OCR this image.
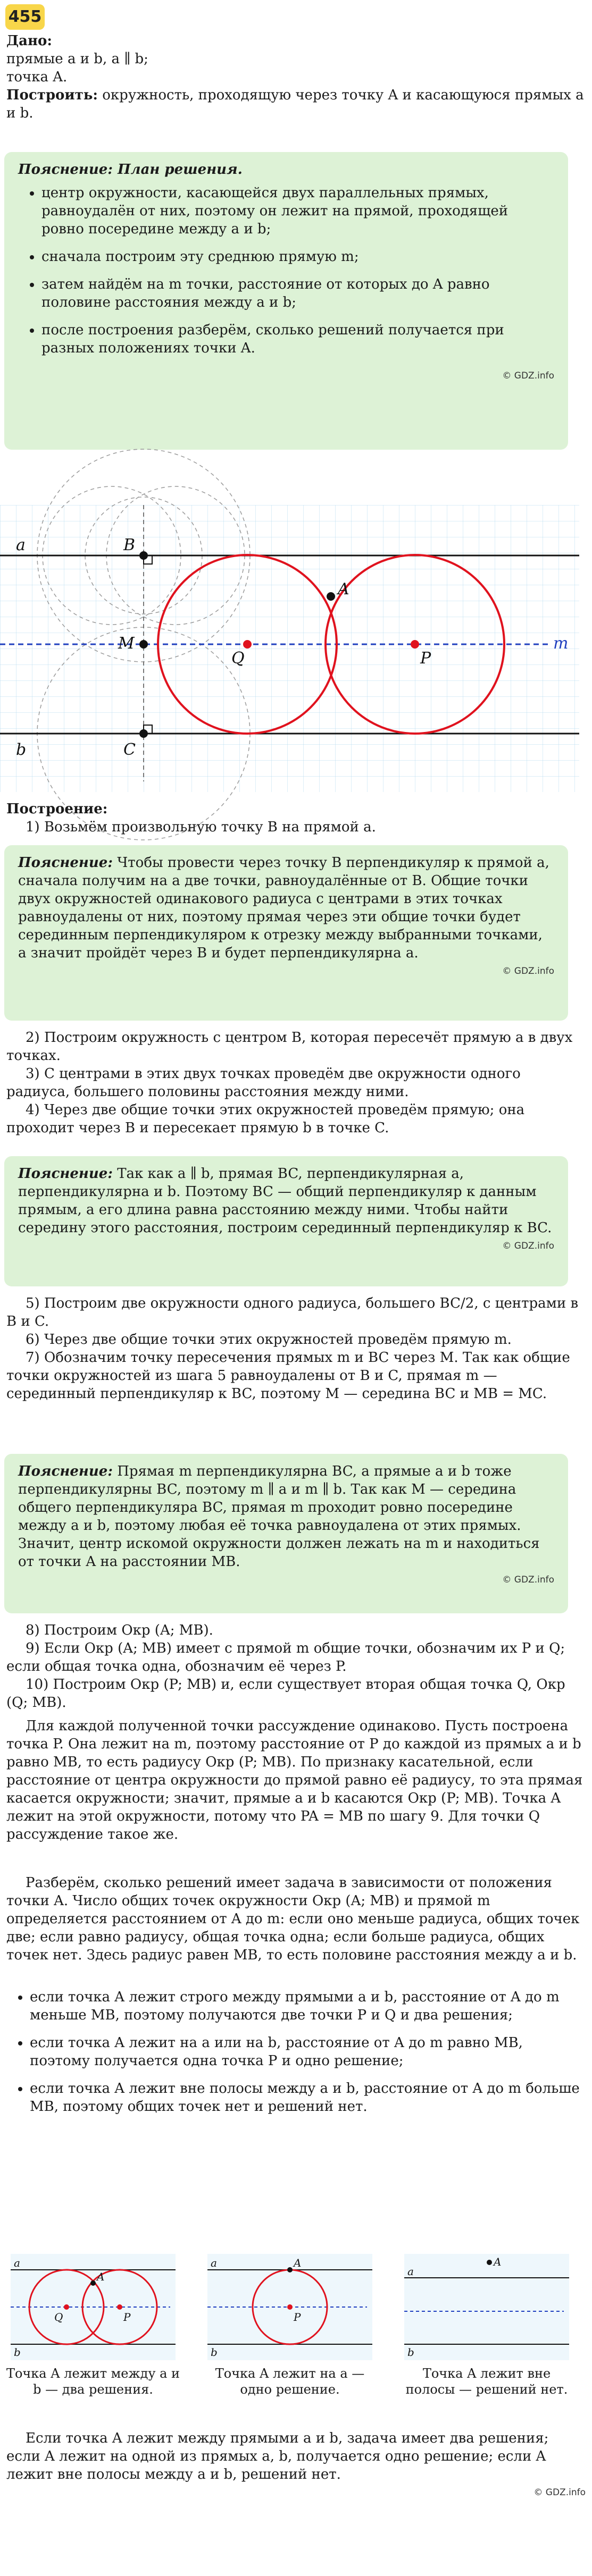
455
Дано:
прямые a и b, a ∥ b;
точка A.
Построить: окружность, проходящую через точку A и касающуюся прямых a и b.
Пояснение: План решения.
• центр окружности, касающейся двух параллельных прямых, равноудалён от них, поэтому он лежит на прямой, проходящей ровно посередине между a и b;
• сначала построим эту среднюю прямую m;
• затем найдём на m точки, расстояние от которых до A равно половине расстояния между a и b;
• после построения разберём, сколько решений получается при разных положениях точки A.
© GDZ.info
a
b
m
B
M
C
Q
A
P
Построение:
1) Возьмём произвольную точку B на прямой a.

Пояснение: Чтобы провести через точку B перпендикуляр к прямой a, сначала получим на a две точки, равноудалённые от B. Общие точки двух окружностей одинакового радиуса с центрами в этих точках равноудалены от них, поэтому прямая через эти общие точки будет серединным перпендикуляром к отрезку между выбранными точками, а значит пройдёт через B и будет перпендикулярна a.

© GDZ.info

2) Построим окружность с центром B, которая пересечёт прямую a в двух точках.

3) С центрами в этих двух точках проведём две окружности одного радиуса, большего половины расстояния между ними.

4) Через две общие точки этих окружностей проведём прямую; она проходит через B и пересекает прямую b в точке C.

Пояснение: Так как a ∥ b, прямая BC, перпендикулярная a, перпендикулярна и b. Поэтому BC — общий перпендикуляр к данным прямым, а его длина равна расстоянию между ними. Чтобы найти середину этого расстояния, построим серединный перпендикуляр к BC.

© GDZ.info

5) Построим две окружности одного радиуса, большего BC/2, с центрами в B и C.

6) Через две общие точки этих окружностей проведём прямую m.

7) Обозначим точку пересечения прямых m и BC через M. Так как общие точки окружностей из шага 5 равноудалены от B и C, прямая m — серединный перпендикуляр к BC, поэтому M — середина BC и MB = MC.

Пояснение: Прямая m перпендикулярна BC, а прямые a и b тоже перпендикулярны BC, поэтому m ∥ a и m ∥ b. Так как M — середина общего перпендикуляра BC, прямая m проходит ровно посередине между a и b, поэтому любая её точка равноудалена от этих прямых. Значит, центр искомой окружности должен лежать на m и находиться от точки A на расстоянии MB.

© GDZ.info

8) Построим Окр (A; MB).

9) Если Окр (A; MB) имеет с прямой m общие точки, обозначим их P и Q; если общая точка одна, обозначим её через P.

10) Построим Окр (P; MB) и, если существует вторая общая точка Q, Окр (Q; MB).

Для каждой полученной точки рассуждение одинаково. Пусть построена точка P. Она лежит на m, поэтому расстояние от P до каждой из прямых a и b равно MB, то есть радиусу Окр (P; MB). По признаку касательной, если расстояние от центра окружности до прямой равно её радиусу, то эта прямая касается окружности; значит, прямые a и b касаются Окр (P; MB). Точка A лежит на этой окружности, потому что PA = MB по шагу 9. Для точки Q рассуждение такое же.

Разберём, сколько решений имеет задача в зависимости от положения точки A. Число общих точек окружности Окр (A; MB) и прямой m определяется расстоянием от A до m: если оно меньше радиуса, общих точек две; если равно радиусу, общая точка одна; если больше радиуса, общих точек нет. Здесь радиус равен MB, то есть половине расстояния между a и b.

• если точка A лежит строго между прямыми a и b, расстояние от A до m меньше MB, поэтому получаются две точки P и Q и два решения;
• если точка A лежит на a или на b, расстояние от A до m равно MB, поэтому получается одна точка P и одно решение;
• если точка A лежит вне полосы между a и b, расстояние от A до m больше MB, поэтому общих точек нет и решений нет.
a
b
A
Q	P
a
b
A
P
a
b
A
Точка A лежит между a и b — два решения.
Точка A лежит на a — одно решение.
Точка A лежит вне полосы — решений нет.

Если точка A лежит между прямыми a и b, задача имеет два решения; если A лежит на одной из прямых a, b, получается одно решение; если A лежит вне полосы между a и b, решений нет.

© GDZ.info
